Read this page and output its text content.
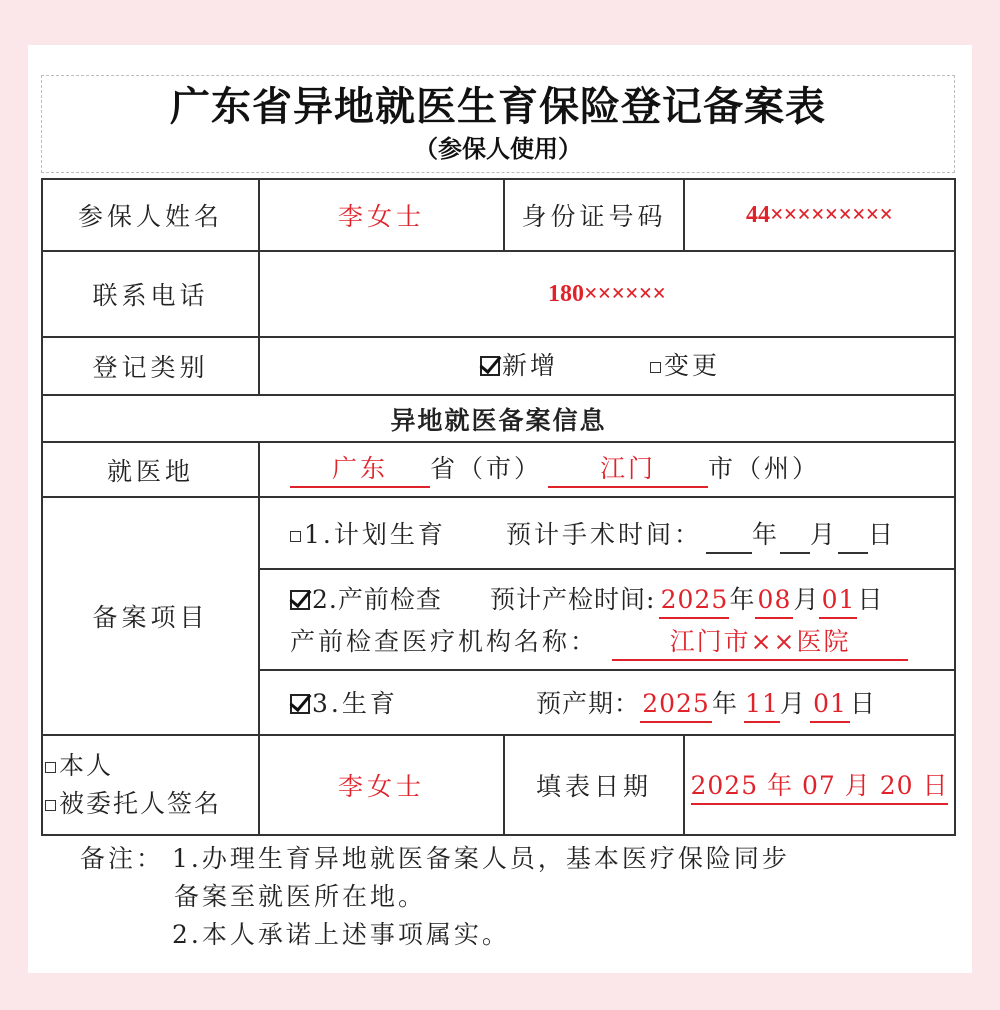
广东省异地就医生育保险登记备案表
（参保人使用）
参保人姓名	李女士	身份证号码	44×××××××××
联系电话	180××××××
登记类别	新增	变更
异地就医备案信息
就医地	广东 省（市） 江门 市（州）
备案项目
1.计划生育 预计手术时间： 年 月 日
2.产前检查 预计产检时间: 2025年08月01日
产前检查医疗机构名称：	江门市××医院
3.生育	预产期：2025年 11月 01 日
本人
被委托人签名
李女士	填表日期	2025 年 07 月 20 日
备注： 1.办理生育异地就医备案人员，基本医疗保险同步
备案至就医所在地。
2.本人承诺上述事项属实。
